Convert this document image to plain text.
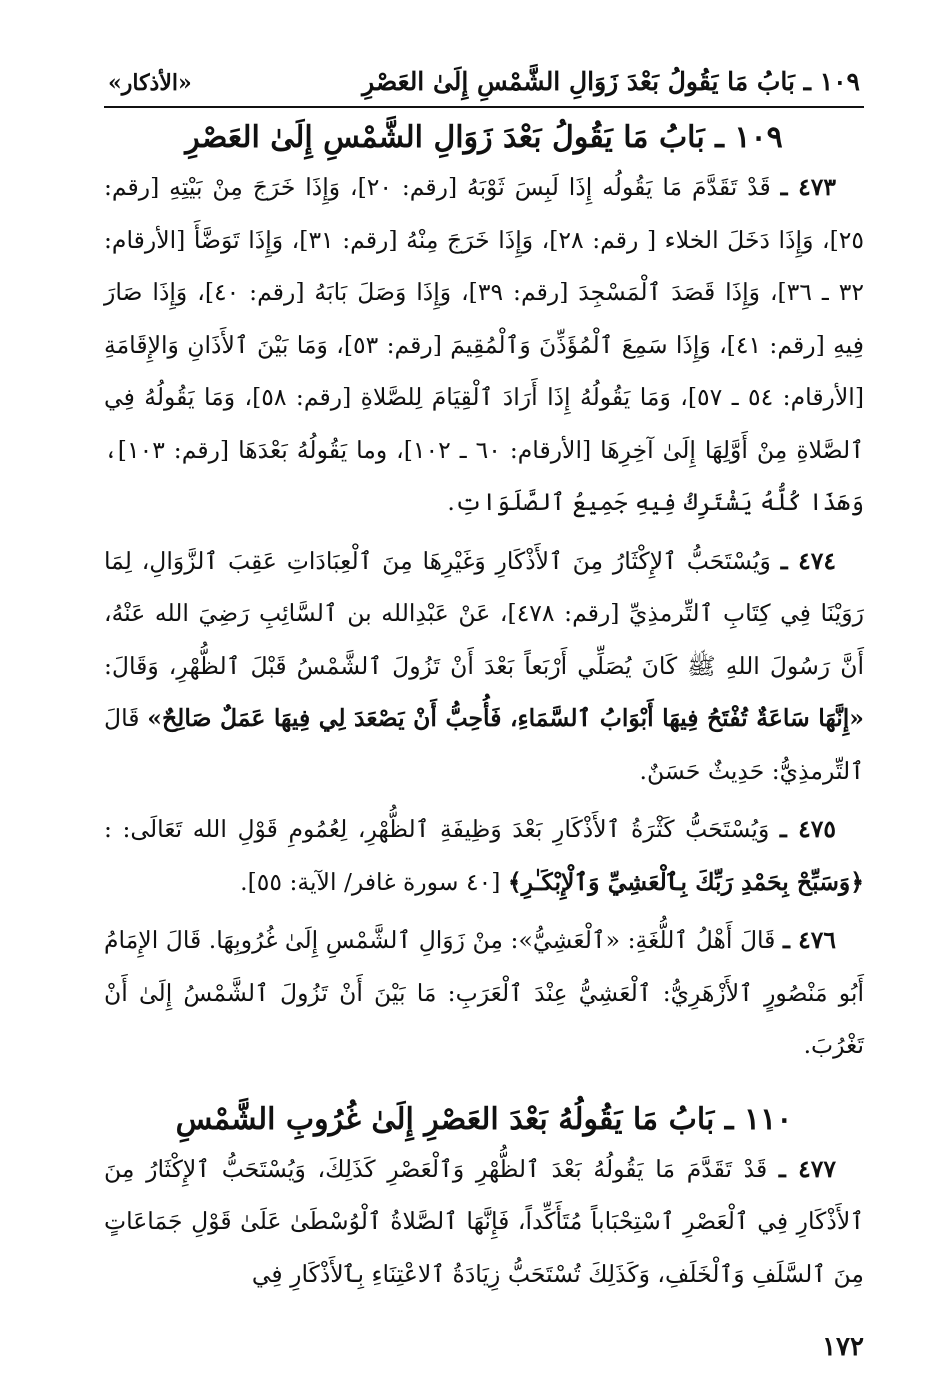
١٠٩ ـ بَابُ مَا يَقُولُ بَعْدَ زَوَالِ الشَّمْسِ إِلَىٰ العَصْرِ
«الأذكار»
١٠٩ ـ بَابُ مَا يَقُولُ بَعْدَ زَوَالِ الشَّمْسِ إِلَىٰ العَصْرِ

٤٧٣ ـ قَدْ تَقَدَّمَ مَا يَقُولُه إِذَا لَبِسَ ثَوْبَهُ [رقم: ٢٠]، وَإِذَا خَرَجَ مِنْ بَيْتِهِ [رقم: ٢٥]، وَإِذَا دَخَلَ الخلاء [ رقم: ٢٨]، وَإِذَا خَرَجَ مِنْهُ [رقم: ٣١]، وَإِذَا تَوَضَّأَ [الأرقام: ٣٢ ـ ٣٦]، وَإِذَا قَصَدَ ٱلْمَسْجِدَ [رقم: ٣٩]، وَإِذَا وَصَلَ بَابَهُ [رقم: ٤٠]، وَإِذَا صَارَ فِيهِ [رقم: ٤١]، وَإِذَا سَمِعَ ٱلْمُؤَذِّنَ وَٱلْمُقِيمَ [رقم: ٥٣]، وَمَا بَيْنَ ٱلأَذَانِ وَالإِقَامَةِ [الأرقام: ٥٤ ـ ٥٧]، وَمَا يَقُولُهُ إِذَا أَرَادَ ٱلْقِيَامَ لِلصَّلاةِ [رقم: ٥٨]، وَمَا يَقُولُهُ فِي ٱلصَّلاةِ مِنْ أَوَّلِهَا إِلَىٰ آخِرِهَا [الأرقام: ٦٠ ـ ١٠٢]، وما يَقُولُهُ بَعْدَهَا [رقم: ١٠٣]، وَهَذَا كُلُّهُ يَشْتَرِكُ فِيهِ جَمِيعُ ٱلصَّلَوَاتِ.

٤٧٤ ـ وَيُسْتَحَبُّ ٱلإِكْثَارُ مِنَ ٱلأَذْكَارِ وَغَيْرِهَا مِنَ ٱلْعِبَادَاتِ عَقِبَ ٱلزَّوَالِ، لِمَا رَوَيْنَا فِي كِتَابِ ٱلتِّرمذِيِّ [رقم: ٤٧٨]، عَنْ عَبْدِالله بن ٱلسَّائِبِ رَضِيَ الله عَنْهُ، أَنَّ رَسُولَ اللهِ ﷺ كَانَ يُصَلِّي أَرْبَعاً بَعْدَ أَنْ تَزُولَ ٱلشَّمْسُ قَبْلَ ٱلظُّهْرِ، وَقَالَ: «إِنَّهَا سَاعَةٌ تُفْتَحُ فِيهَا أَبْوَابُ ٱلسَّمَاءِ، فَأُحِبُّ أَنْ يَصْعَدَ لِي فِيهَا عَمَلٌ صَالِحٌ» قَالَ ٱلتِّرمذِيُّ: حَدِيثٌ حَسَنٌ.

٤٧٥ ـ وَيُسْتَحَبُّ كَثْرَةُ ٱلأَذْكَارِ بَعْدَ وَظِيفَةِ ٱلظُّهْرِ، لِعُمُومِ قَوْلِ الله تَعَالَى: : ﴿وَسَبِّحْ بِحَمْدِ رَبِّكَ بِٱلْعَشِيِّ وَٱلْإِبْكَـٰرِ﴾ [٤٠ سورة غافر/ الآية: ٥٥].

٤٧٦ ـ قَالَ أَهْلُ ٱللُّغَةِ: «ٱلْعَشِيُّ»: مِنْ زَوَالِ ٱلشَّمْسِ إِلَىٰ غُرُوبِهَا. قَالَ الإِمَامُ أَبُو مَنْصُورٍ ٱلأَزْهَرِيُّ: ٱلْعَشِيُّ عِنْدَ ٱلْعَرَبِ: مَا بَيْنَ أَنْ تَزُولَ ٱلشَّمْسُ إِلَىٰ أَنْ تَغْرُبَ.

١١٠ ـ بَابُ مَا يَقُولُهُ بَعْدَ العَصْرِ إِلَىٰ غُرُوبِ الشَّمْسِ

٤٧٧ ـ قَدْ تَقَدَّمَ مَا يَقُولُهُ بَعْدَ ٱلظُّهْرِ وَٱلْعَصْرِ كَذَلِكَ، وَيُسْتَحَبُّ ٱلإِكْثَارُ مِنَ ٱلأَذْكَارِ فِي ٱلْعَصْرِ ٱسْتِحْبَاباً مُتَأَكِّداً، فَإِنَّهَا ٱلصَّلاةُ ٱلْوُسْطَىٰ عَلَىٰ قَوْلِ جَمَاعَاتٍ مِنَ ٱلسَّلَفِ وَٱلْخَلَفِ، وَكَذَلِكَ تُسْتَحَبُّ زِيَادَةُ ٱلاعْتِنَاءِ بِٱلأَذْكَارِ فِي

١٧٢
